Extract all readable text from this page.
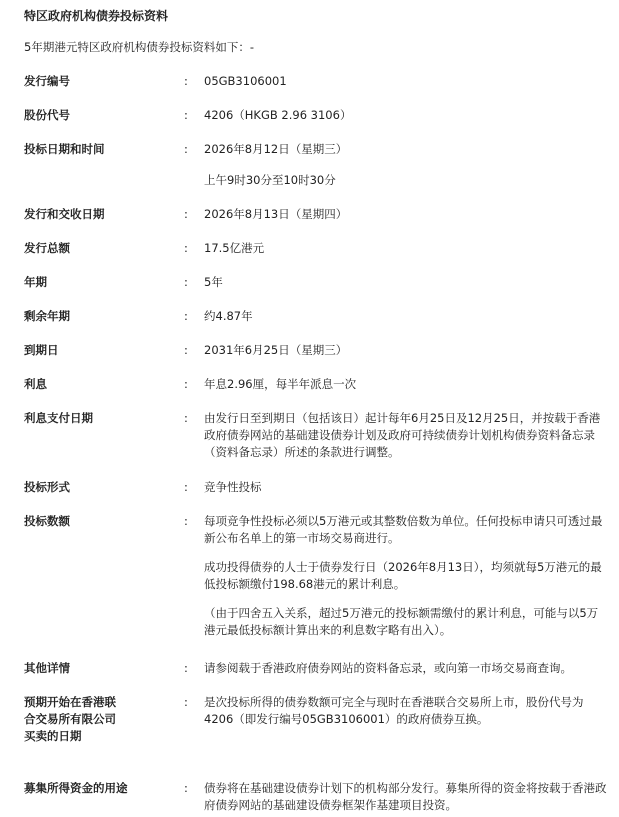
特区政府机构债券投标资料
5年期港元特区政府机构债券投标资料如下：-
发行编号	: 05GB3106001

股份代号	: 4206（HKGB 2.96 3106）

投标日期和时间	: 2026年8月12日（星期三）

上午9时30分至10时30分

发行和交收日期	: 2026年8月13日（星期四）

发行总额	: 17.5亿港元

年期	: 5年

剩余年期	: 约4.87年

到期日	: 2031年6月25日（星期三）

利息	: 年息2.96厘，每半年派息一次

利息支付日期	: 由发行日至到期日（包括该日）起计每年6月25日及12月25日，并按载于香港政府债券网站的基础建设债券计划及政府可持续债券计划机构债券资料备忘录（资料备忘录）所述的条款进行调整。

投标形式	: 竞争性投标

投标数额	: 每项竞争性投标必须以5万港元或其整数倍数为单位。任何投标申请只可透过最新公布名单上的第一市场交易商进行。

成功投得债券的人士于债券发行日（2026年8月13日），均须就每5万港元的最低投标额缴付198.68港元的累计利息。

（由于四舍五入关系，超过5万港元的投标额需缴付的累计利息，可能与以5万港元最低投标额计算出来的利息数字略有出入）。

其他详情	: 请参阅载于香港政府债券网站的资料备忘录，或向第一市场交易商查询。

预期开始在香港联合交易所有限公司买卖的日期
: 是次投标所得的债券数额可完全与现时在香港联合交易所上市，股份代号为4206（即发行编号05GB3106001）的政府债券互换。

募集所得资金的用途	: 债券将在基础建设债券计划下的机构部分发行。募集所得的资金将按载于香港政府债券网站的基础建设债券框架作基建项目投资。
